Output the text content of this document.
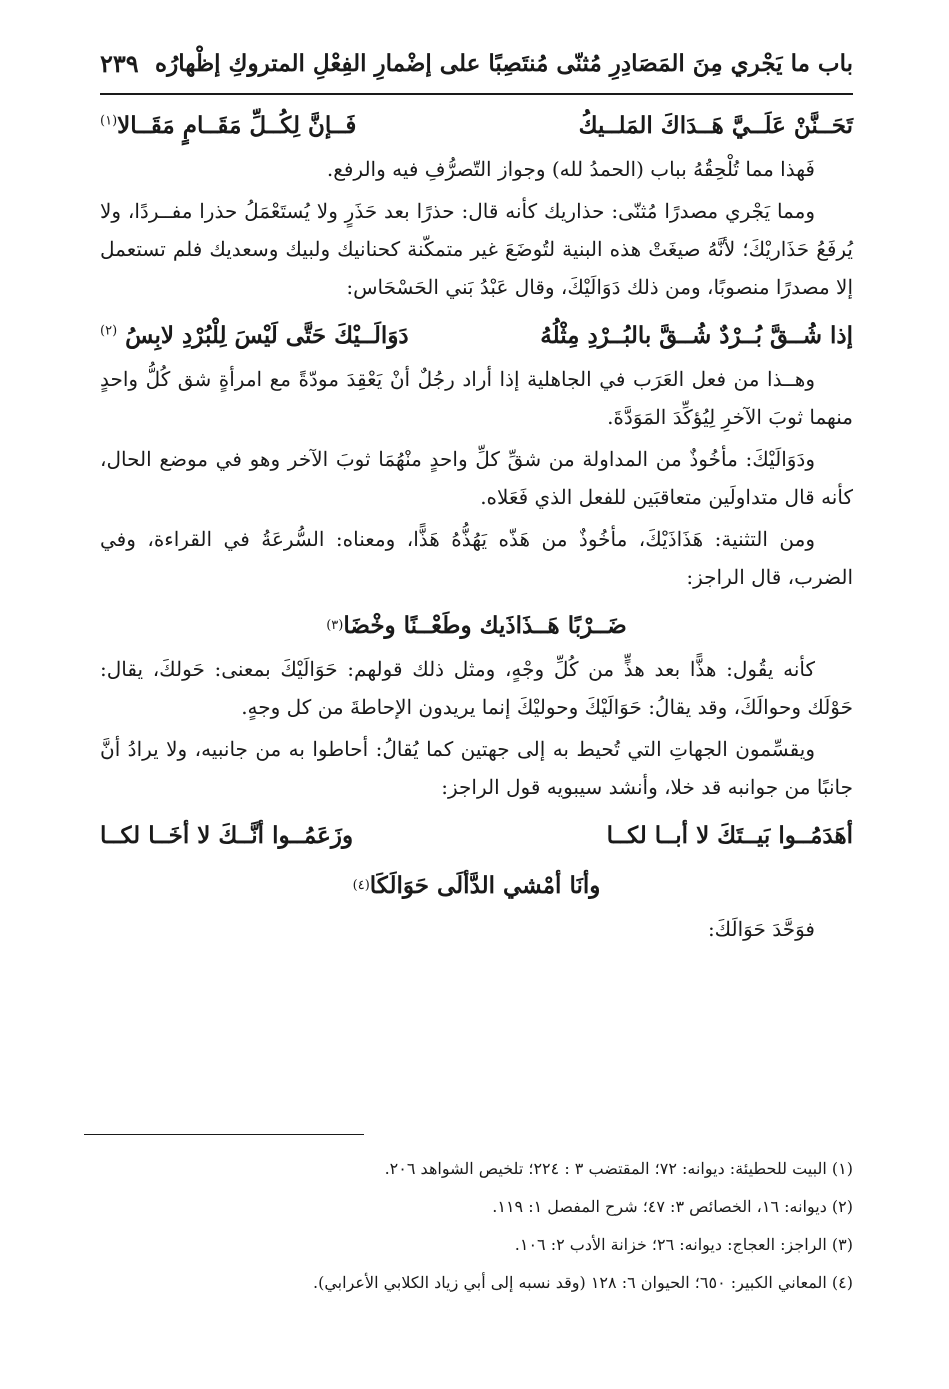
باب ما يَجْري مِنَ المَصَادِرِ مُثنّى مُنتَصِبًا على إضْمارِ الفِعْلِ المتروكِ إظْهارُه
٢٣٩
تَحَــنَّنْ عَلَــيَّ هَــدَاكَ المَلــيكُ
فَــإنَّ لِكُــلِّ مَقَــامٍ مَقَــالا$^{(١)}$

فَهذا مما تُلْحِقُهُ بباب (الحمدُ لله) وجواز التّصرُّفِ فيه والرفع.

ومما يَجْري مصدرًا مُثنّى: حذاريك كأنه قال: حذرًا بعد حَذَرٍ ولا يُستَعْمَلُ حذرا مفــردًا، ولا يُرفَعُ حَذَاريْكَ؛ لأنَّهُ صيغَتْ هذه البنية لتُوضَعَ غير متمكّنة كحنانيك ولبيك وسعديك فلم تستعمل إلا مصدرًا منصوبًا، ومن ذلك دَوَالَيْكَ، وقال عَبْدُ بَني الحَسْحَاس:

إذا شُــقَّ بُــرْدٌ شُــقَّ بالبُــرْدِ مِثْلُهُ
دَوَالَــيْكَ حَتَّى لَيْسَ لِلْبُرْدِ لابِسُ $^{(٢)}$

وهــذا من فعل العَرَب في الجاهلية إذا أراد رجُلٌ أنْ يَعْقِدَ مودّةً مع امرأةٍ شق كُلُّ واحدٍ منهما ثوبَ الآخرِ لِيُؤكِّدَ المَوَدَّةَ.

ودَوَالَيْكَ: مأخُوذٌ من المداولة من شقِّ كلِّ واحدٍ منْهُمَا ثوبَ الآخر وهو في موضع الحال، كأنه قال متداولَين متعاقبَين للفعل الذي فَعَلاه.

ومن التثنية: هَذَاذَيْكَ، مأخُوذٌ من هَذّه يَهُذُّهُ هَذًّا، ومعناه: السُّرعَةُ في القراءة، وفي الضرب، قال الراجز:

ضَــرْبًا هَــذَاذَيك وطَعْــنًا وخْضَا
(٣)

كأنه يقُول: هذًّا بعد هذٍّ من كُلِّ وجْهٍ، ومثل ذلك قولهم: حَوَالَيْكَ بمعنى: حَولكَ، يقال: حَوْلَك وحوالَكَ، وقد يقالُ: حَوَالَيْكَ وحوليْكَ إنما يريدون الإحاطةَ من كل وجهٍ.

ويقسِّمون الجهاتِ التي تُحيط به إلى جهتين كما يُقالُ: أحاطوا به من جانبيه، ولا يرادُ أنَّ جانبًا من جوانبه قد خلا، وأنشد سيبويه قول الراجز:

أهَدَمُــوا بَيــتَكَ لا أبــا لكــا
وزَعَمُــوا أنَّــكَ لا أخَــا لكــا
وأنَا أمْشي الدَّألَى حَوَالَكَا
(٤)

فوَحَّدَ حَوَالَكَ:

(١) البيت للحطيئة: ديوانه: ٧٢؛ المقتضب ٣ : ٢٢٤؛ تلخيص الشواهد ٢٠٦.
(٢) ديوانه: ١٦، الخصائص ٣: ٤٧؛ شرح المفصل ١: ١١٩.
(٣) الراجز: العجاج: ديوانه: ٢٦؛ خزانة الأدب ٢: ١٠٦.
(٤) المعاني الكبير: ٦٥٠؛ الحيوان ٦: ١٢٨ (وقد نسبه إلى أبي زياد الكلابي الأعرابي).
